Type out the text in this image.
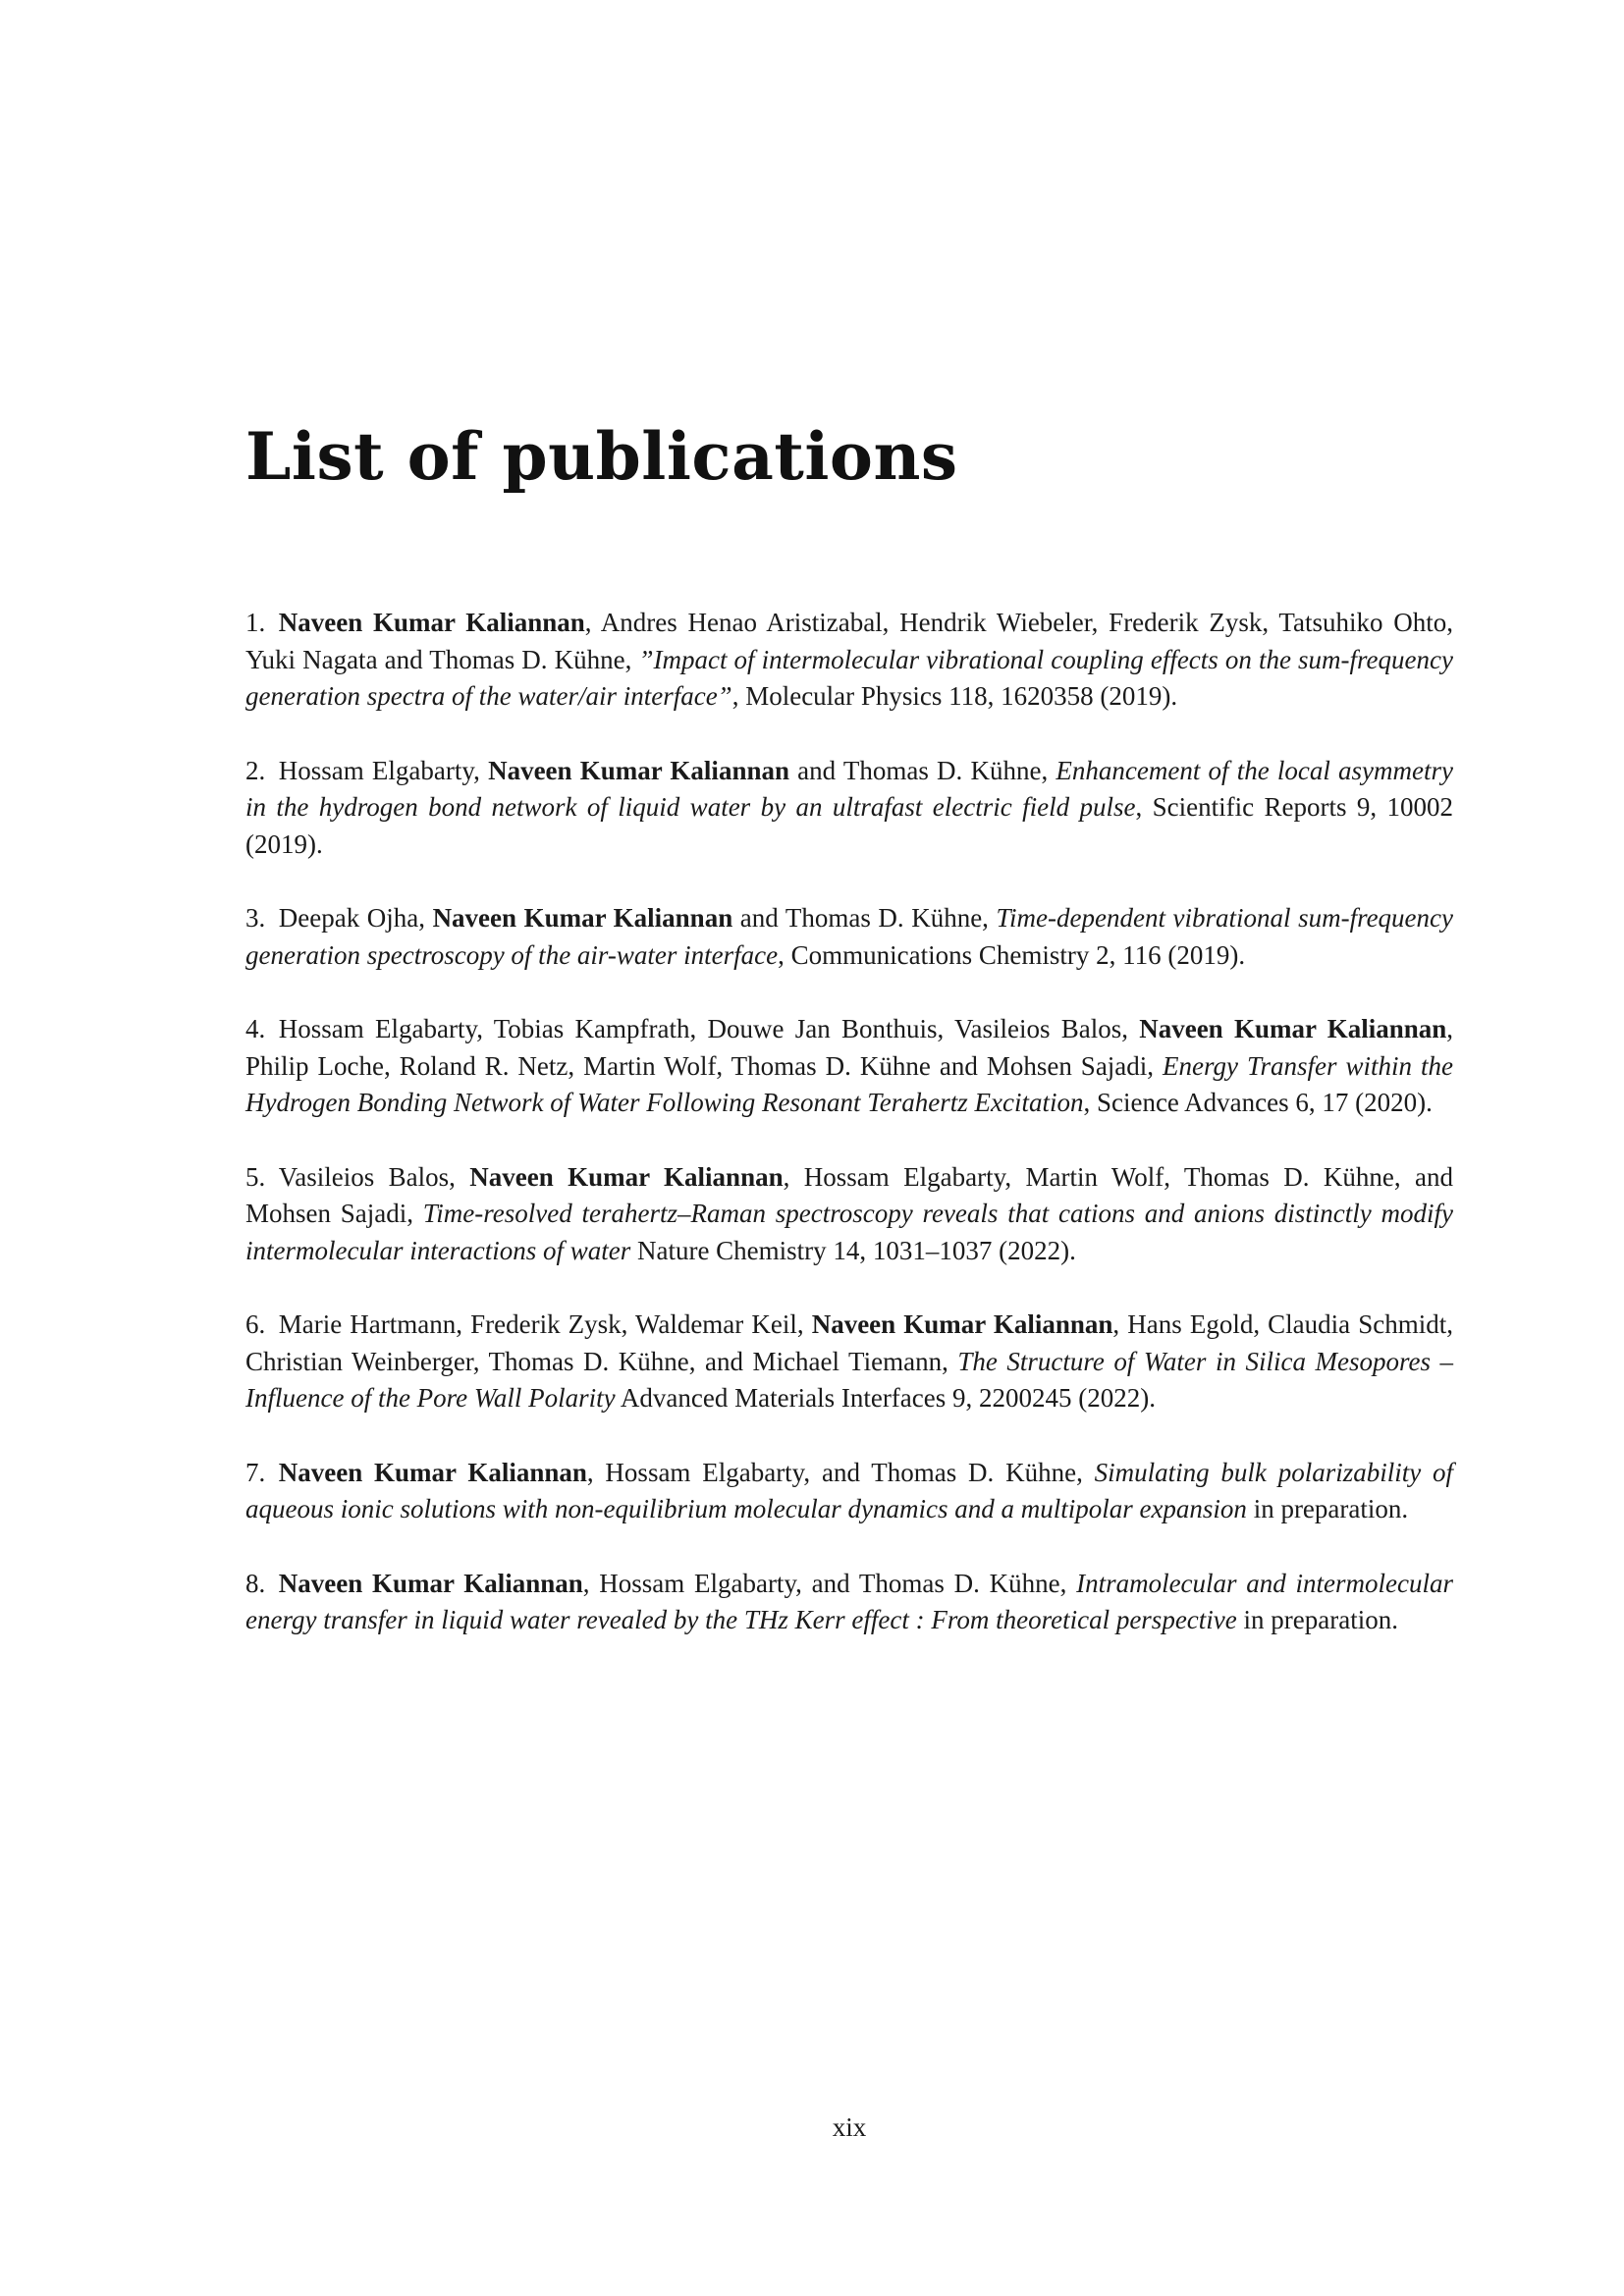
List of publications
1.  Naveen Kumar Kaliannan, Andres Henao Aristizabal, Hendrik Wiebeler, Frederik Zysk, Tatsuhiko Ohto, Yuki Nagata and Thomas D. Kühne, ”Impact of intermolecular vibrational coupling effects on the sum-frequency generation spectra of the water/air interface”, Molecular Physics 118, 1620358 (2019).
2.  Hossam Elgabarty, Naveen Kumar Kaliannan and Thomas D. Kühne, Enhancement of the local asymmetry in the hydrogen bond network of liquid water by an ultrafast electric field pulse, Scientific Reports 9, 10002 (2019).
3.  Deepak Ojha, Naveen Kumar Kaliannan and Thomas D. Kühne, Time-dependent vibrational sum-frequency generation spectroscopy of the air-water interface, Communications Chemistry 2, 116 (2019).
4.  Hossam Elgabarty, Tobias Kampfrath, Douwe Jan Bonthuis, Vasileios Balos, Naveen Kumar Kaliannan, Philip Loche, Roland R. Netz, Martin Wolf, Thomas D. Kühne and Mohsen Sajadi, Energy Transfer within the Hydrogen Bonding Network of Water Following Resonant Terahertz Excitation, Science Advances 6, 17 (2020).
5.  Vasileios Balos, Naveen Kumar Kaliannan, Hossam Elgabarty, Martin Wolf, Thomas D. Kühne, and Mohsen Sajadi, Time-resolved terahertz–Raman spectroscopy reveals that cations and anions distinctly modify intermolecular interactions of water Nature Chemistry 14, 1031–1037 (2022).
6.  Marie Hartmann, Frederik Zysk, Waldemar Keil, Naveen Kumar Kaliannan, Hans Egold, Claudia Schmidt, Christian Weinberger, Thomas D. Kühne, and Michael Tiemann, The Structure of Water in Silica Mesopores – Influence of the Pore Wall Polarity Advanced Materials Interfaces 9, 2200245 (2022).
7.  Naveen Kumar Kaliannan, Hossam Elgabarty, and Thomas D. Kühne, Simulating bulk polarizability of aqueous ionic solutions with non-equilibrium molecular dynamics and a multipolar expansion in preparation.
8.  Naveen Kumar Kaliannan, Hossam Elgabarty, and Thomas D. Kühne, Intramolecular and intermolecular energy transfer in liquid water revealed by the THz Kerr effect : From theoretical perspective in preparation.
xix
